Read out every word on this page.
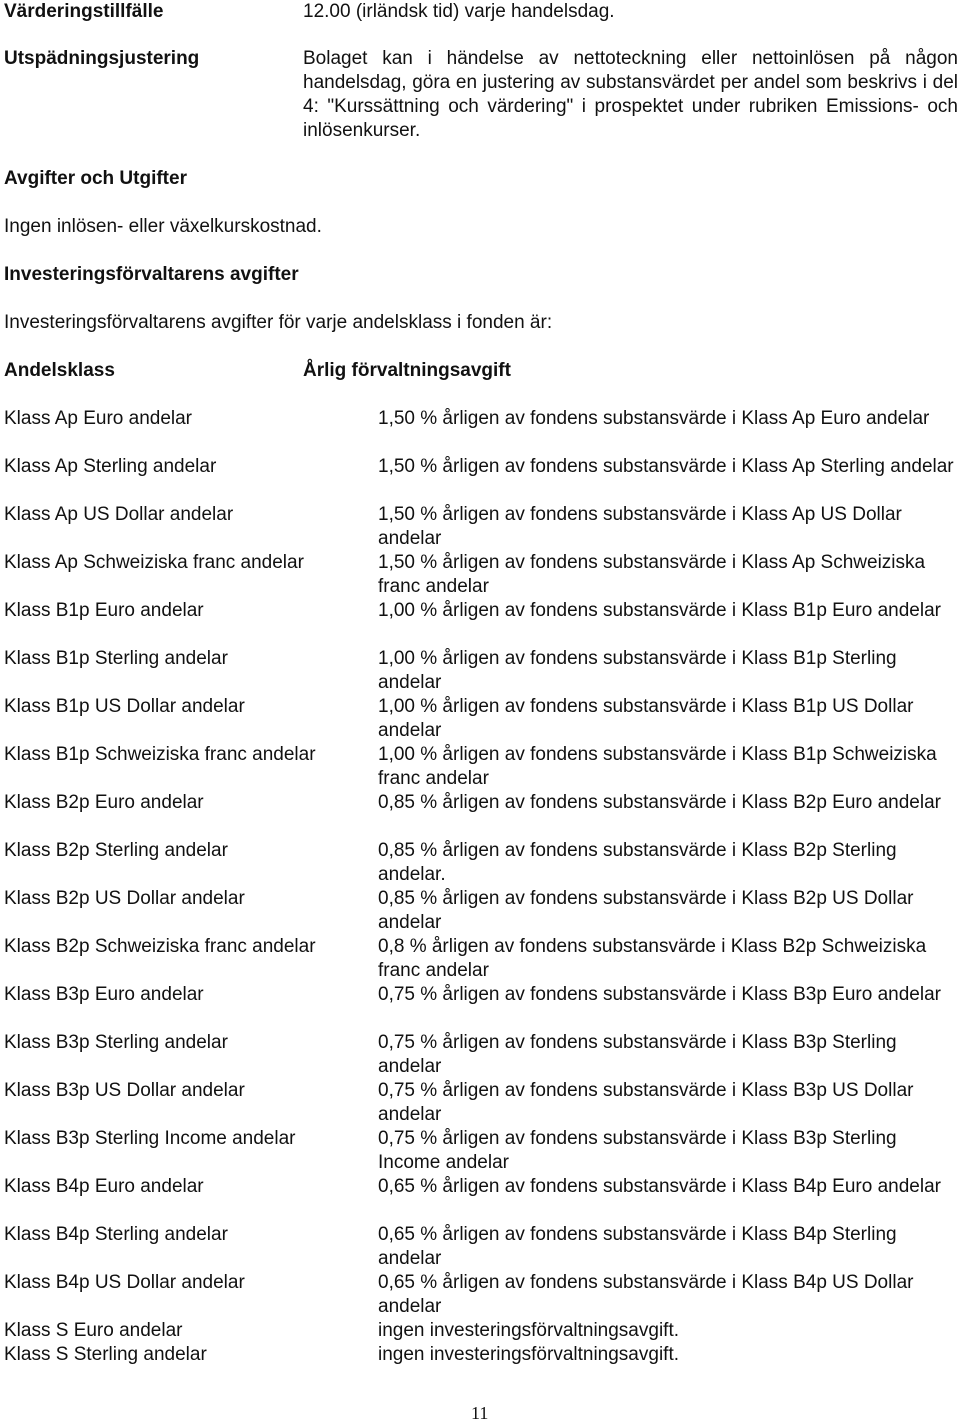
Värderingstillfälle	12.00 (irländsk tid) varje handelsdag.
Utspädningsjustering	Bolaget kan i händelse av nettoteckning eller nettoinlösen på någon handelsdag, göra en justering av substansvärdet per andel som beskrivs i del 4: "Kurssättning och värdering" i prospektet under rubriken Emissions- och inlösenkurser.
Avgifter och Utgifter
Ingen inlösen- eller växelkurskostnad.
Investeringsförvaltarens avgifter
Investeringsförvaltarens avgifter för varje andelsklass i fonden är:
Andelsklass	Årlig förvaltningsavgift
Klass Ap Euro andelar	1,50 % årligen av fondens substansvärde i Klass Ap Euro andelar
Klass Ap Sterling andelar	1,50 % årligen av fondens substansvärde i Klass Ap Sterling andelar
Klass Ap US Dollar andelar	1,50 % årligen av fondens substansvärde i Klass Ap US Dollar andelar
Klass Ap Schweiziska franc andelar	1,50 % årligen av fondens substansvärde i Klass Ap Schweiziska franc andelar
Klass B1p Euro andelar	1,00 % årligen av fondens substansvärde i Klass B1p Euro andelar
Klass B1p Sterling andelar	1,00 % årligen av fondens substansvärde i Klass B1p Sterling andelar
Klass B1p US Dollar andelar	1,00 % årligen av fondens substansvärde i Klass B1p US Dollar andelar
Klass B1p Schweiziska franc andelar	1,00 % årligen av fondens substansvärde i Klass B1p Schweiziska franc andelar
Klass B2p Euro andelar	0,85 % årligen av fondens substansvärde i Klass B2p Euro andelar
Klass B2p Sterling andelar	0,85 % årligen av fondens substansvärde i Klass B2p Sterling andelar.
Klass B2p US Dollar andelar	0,85 % årligen av fondens substansvärde i Klass B2p US Dollar andelar
Klass B2p Schweiziska franc andelar	0,8 % årligen av fondens substansvärde i Klass B2p Schweiziska franc andelar
Klass B3p Euro andelar	0,75 % årligen av fondens substansvärde i Klass B3p Euro andelar
Klass B3p Sterling andelar	0,75 % årligen av fondens substansvärde i Klass B3p Sterling andelar
Klass B3p US Dollar andelar	0,75 % årligen av fondens substansvärde i Klass B3p US Dollar andelar
Klass B3p Sterling Income andelar	0,75 % årligen av fondens substansvärde i Klass B3p Sterling Income andelar
Klass B4p Euro andelar	0,65 % årligen av fondens substansvärde i Klass B4p Euro andelar
Klass B4p Sterling andelar	0,65 % årligen av fondens substansvärde i Klass B4p Sterling andelar
Klass B4p US Dollar andelar	0,65 % årligen av fondens substansvärde i Klass B4p US Dollar andelar
Klass S Euro andelar	ingen investeringsförvaltningsavgift.
Klass S Sterling andelar	ingen investeringsförvaltningsavgift.
11
